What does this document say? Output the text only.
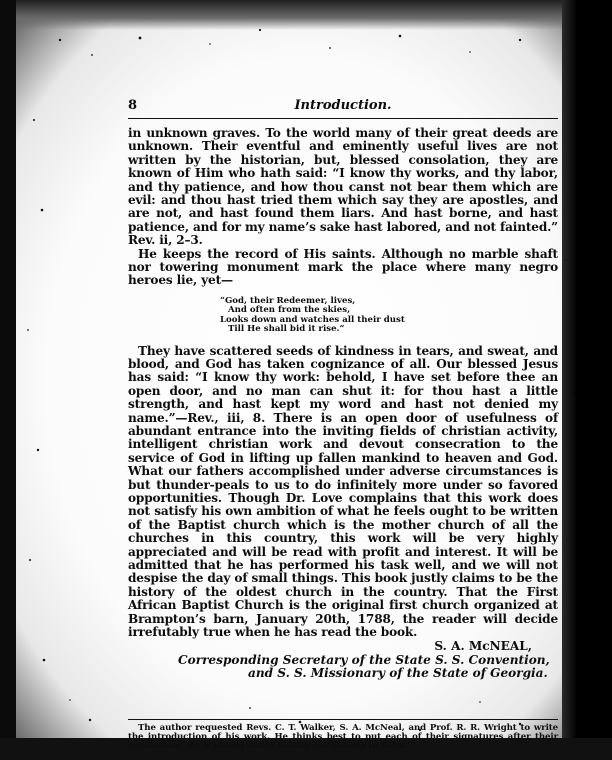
8	Introduction.

in unknown graves. To the world many of their great deeds are unknown. Their eventful and eminently useful lives are not written by the historian, but, blessed consolation, they are known of Him who hath said: “I know thy works, and thy labor, and thy patience, and how thou canst not bear them which are evil: and thou hast tried them which say they are apostles, and are not, and hast found them liars. And hast borne, and hast patience, and for my name’s sake hast labored, and not fainted.” Rev. ii, 2–3.

He keeps the record of His saints. Although no marble shaft nor towering monument mark the place where many negro heroes lie, yet—

“God, their Redeemer, lives,
And often from the skies,
Looks down and watches all their dust
Till He shall bid it rise.”

They have scattered seeds of kindness in tears, and sweat, and blood, and God has taken cognizance of all. Our blessed Jesus has said: “I know thy work: behold, I have set before thee an open door, and no man can shut it: for thou hast a little strength, and hast kept my word and hast not denied my name.”—Rev., iii, 8. There is an open door of usefulness of abundant entrance into the inviting fields of christian activity, intelligent christian work and devout consecration to the service of God in lifting up fallen mankind to heaven and God. What our fathers accomplished under adverse circumstances is but thunder-peals to us to do infinitely more under so favored opportunities. Though Dr. Love complains that this work does not satisfy his own ambition of what he feels ought to be written of the Baptist church which is the mother church of all the churches in this country, this work will be very highly appreciated and will be read with profit and interest. It will be admitted that he has performed his task well, and we will not despise the day of small things. This book justly claims to be the history of the oldest church in the country. That the First African Baptist Church is the original first church organized at Brampton’s barn, January 20th, 1788, the reader will decide irrefutably true when he has read the book.

S. A. McNEAL,
Corresponding Secretary of the State S. S. Convention,
and S. S. Missionary of the State of Georgia.

The author requested Revs. C. T. Walker, S. A. McNeal, and Prof. R. R. Wright to write the introduction of his work. He thinks best to put each of their signatures after their production. He is placed under lasting obligations to them.
